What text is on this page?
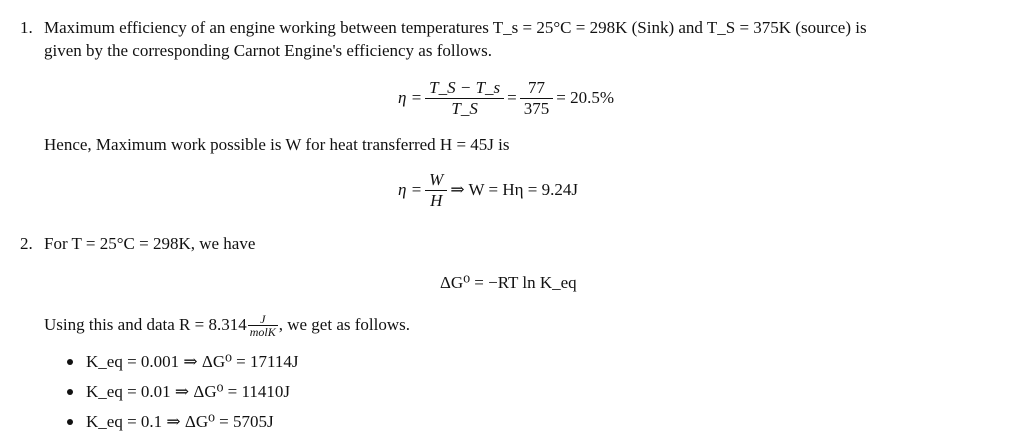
1. Maximum efficiency of an engine working between temperatures T_s = 25°C = 298K (Sink) and T_S = 375K (source) is
given by the corresponding Carnot Engine's efficiency as follows.
$\eta = \frac{T\_S - T\_s}{T\_S} = \frac{77}{375} = 20.5\%$
Hence, Maximum work possible is W for heat transferred H = 45J is
$\eta = \frac{W}{H}$ ⇒ W = Hη = 9.24J
2. For T = 25°C = 298K, we have
ΔG⁰ = −RT ln K_eq
Using this and data R = 8.314	J
molK , we get as follows.
K_eq = 0.001 ⇒ ΔG⁰ = 17114J
K_eq = 0.01 ⇒ ΔG⁰ = 11410J
K_eq = 0.1 ⇒ ΔG⁰ = 5705J
